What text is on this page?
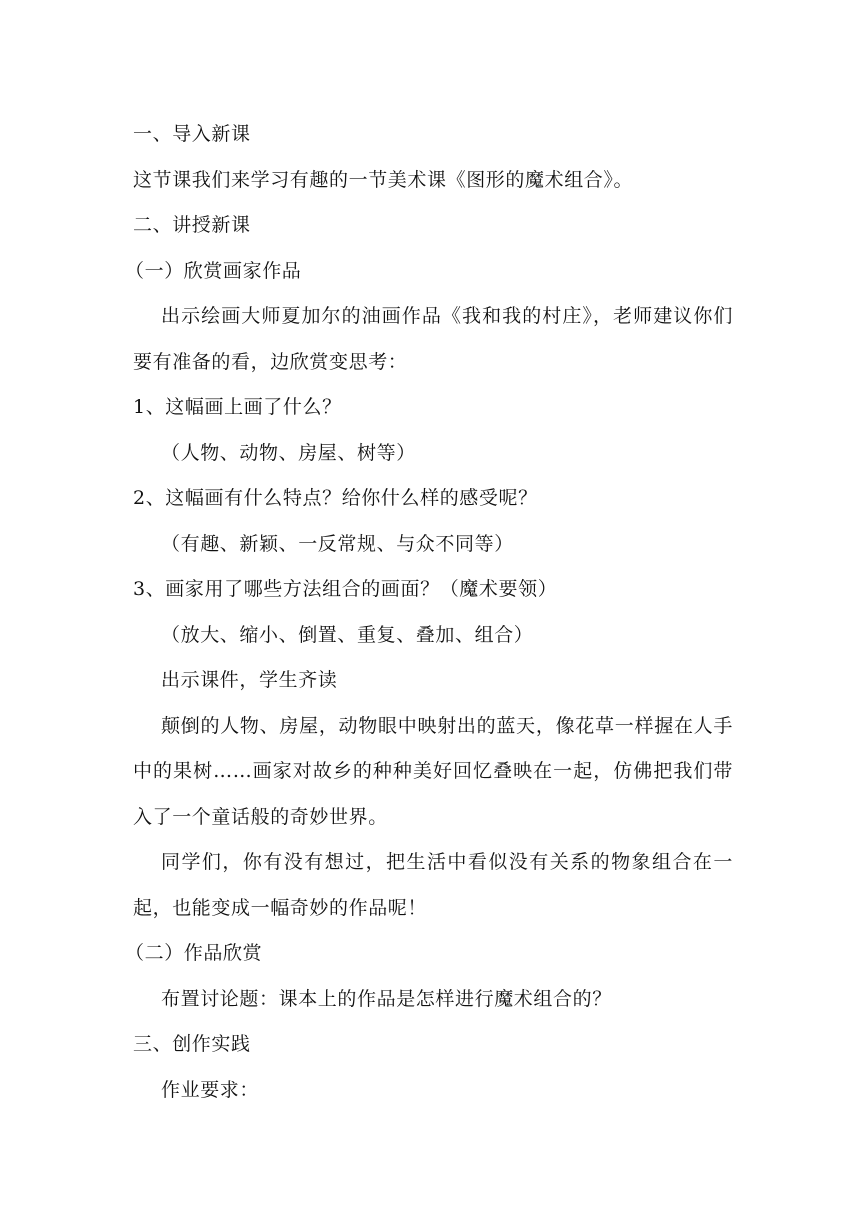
一、导入新课

这节课我们来学习有趣的一节美术课《图形的魔术组合》。

二、讲授新课

（一）欣赏画家作品

出示绘画大师夏加尔的油画作品《我和我的村庄》，老师建议你们要有准备的看，边欣赏变思考：

1、这幅画上画了什么？

（人物、动物、房屋、树等）

2、这幅画有什么特点？给你什么样的感受呢？

（有趣、新颖、一反常规、与众不同等）

3、画家用了哪些方法组合的画面？（魔术要领）

（放大、缩小、倒置、重复、叠加、组合）

出示课件，学生齐读

颠倒的人物、房屋，动物眼中映射出的蓝天，像花草一样握在人手中的果树……画家对故乡的种种美好回忆叠映在一起，仿佛把我们带入了一个童话般的奇妙世界。

同学们，你有没有想过，把生活中看似没有关系的物象组合在一起，也能变成一幅奇妙的作品呢！

（二）作品欣赏

布置讨论题：课本上的作品是怎样进行魔术组合的？

三、创作实践

作业要求：
